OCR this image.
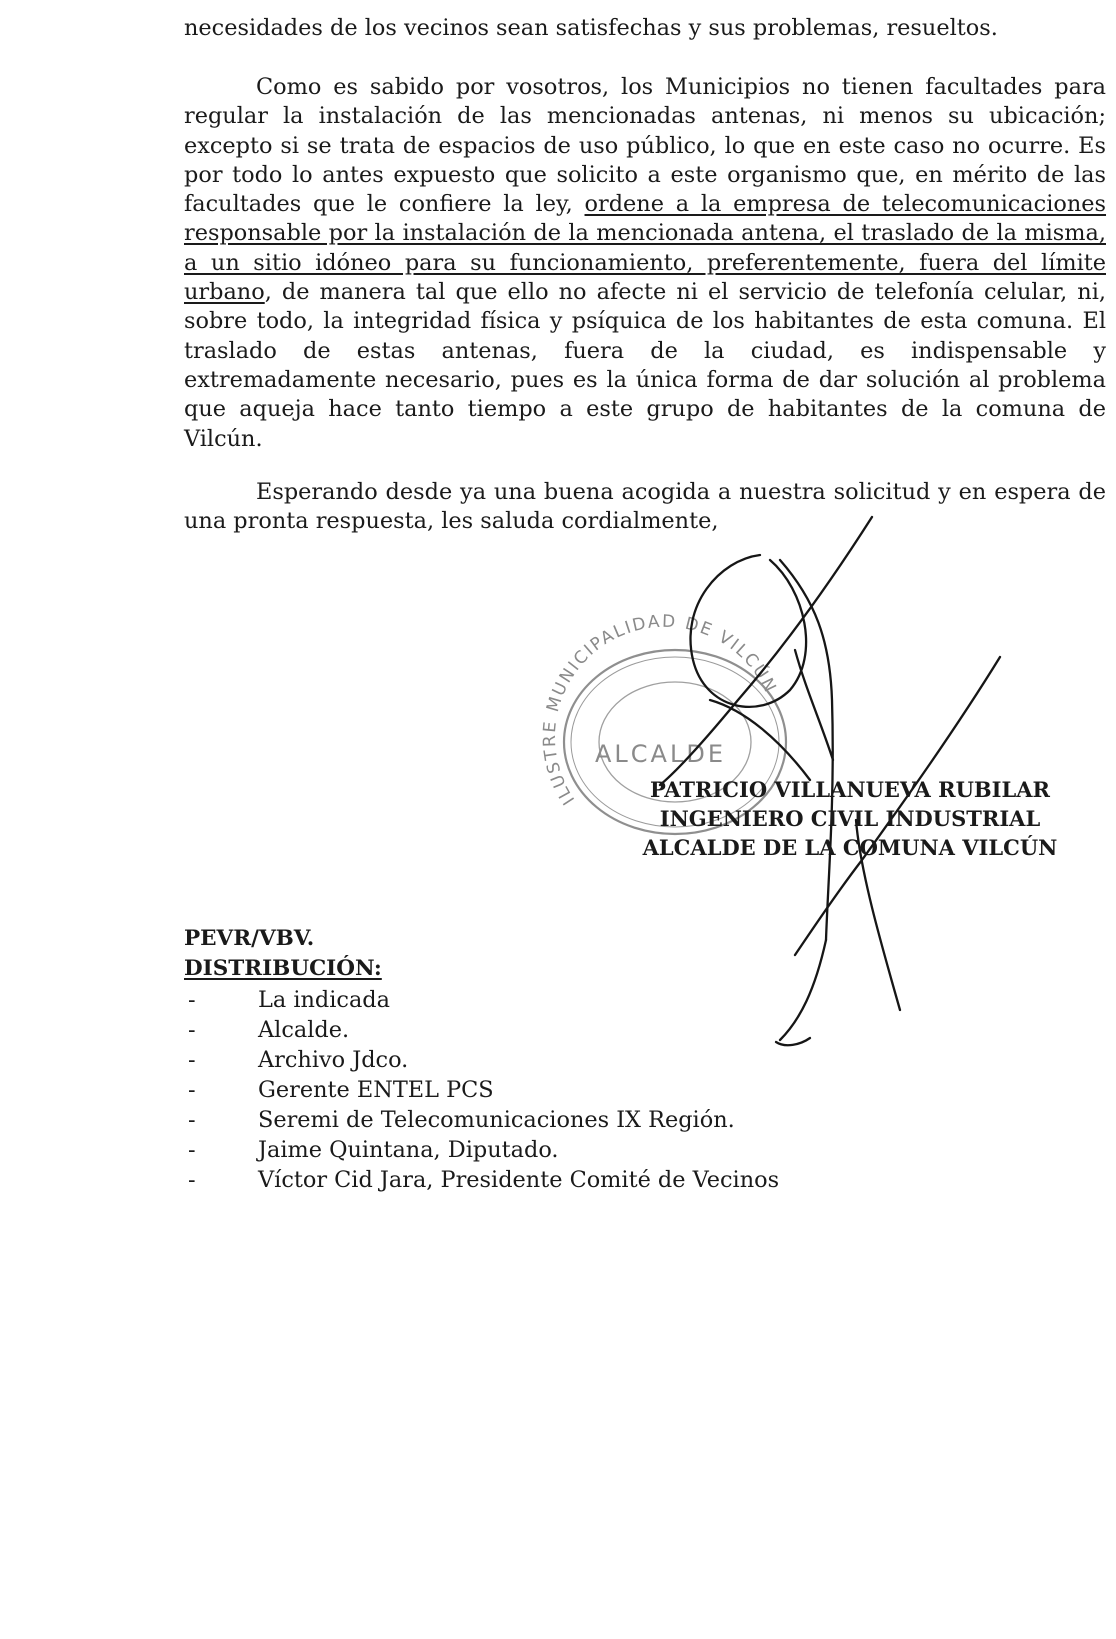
necesidades de los vecinos sean satisfechas y sus problemas, resueltos.

Como es sabido por vosotros, los Municipios no tienen facultades para regular la instalación de las mencionadas antenas, ni menos su ubicación; excepto si se trata de espacios de uso público, lo que en este caso no ocurre. Es por todo lo antes expuesto que solicito a este organismo que, en mérito de las facultades que le confiere la ley, ordene a la empresa de telecomunicaciones responsable por la instalación de la mencionada antena, el traslado de la misma, a un sitio idóneo para su funcionamiento, preferentemente, fuera del límite urbano, de manera tal que ello no afecte ni el servicio de telefonía celular, ni, sobre todo, la integridad física y psíquica de los habitantes de esta comuna. El traslado de estas antenas, fuera de la ciudad, es indispensable y extremadamente necesario, pues es la única forma de dar solución al problema que aqueja hace tanto tiempo a este grupo de habitantes de la comuna de Vilcún.

Esperando desde ya una buena acogida a nuestra solicitud y en espera de una pronta respuesta, les saluda cordialmente,

ILUSTRE MUNICIPALIDAD DE VILCÚN
ALCALDE
PATRICIO VILLANUEVA RUBILAR
INGENIERO CIVIL INDUSTRIAL
ALCALDE DE LA COMUNA VILCÚN
PEVR/VBV.
DISTRIBUCIÓN:
-	La indicada
-	Alcalde.
-	Archivo Jdco.
-	Gerente ENTEL PCS
-	Seremi de Telecomunicaciones IX Región.
-	Jaime Quintana, Diputado.
-	Víctor Cid Jara, Presidente Comité de Vecinos
